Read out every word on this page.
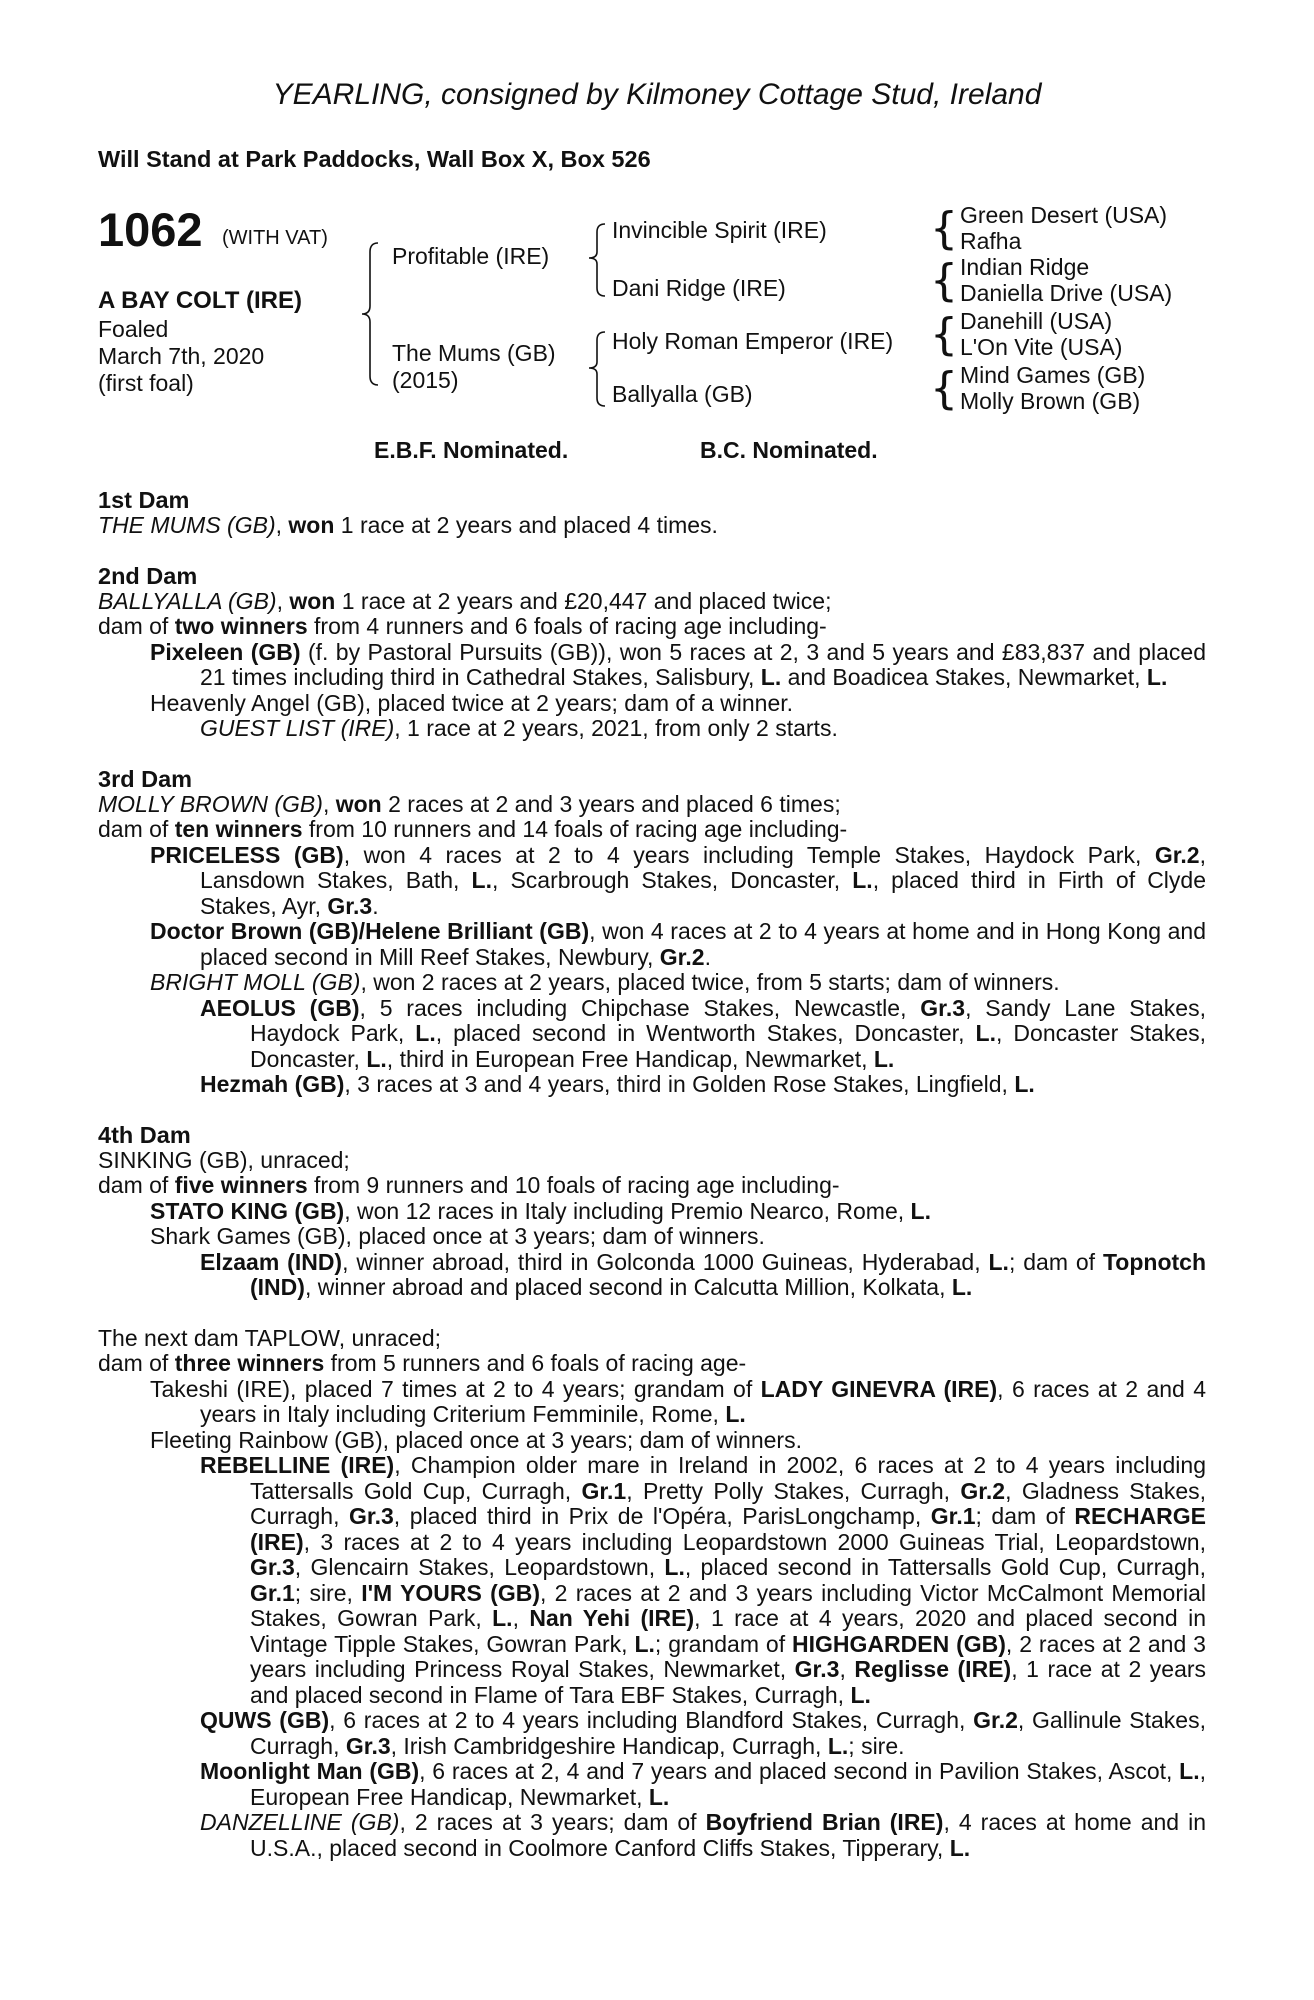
YEARLING, consigned by Kilmoney Cottage Stud, Ireland
Will Stand at Park Paddocks, Wall Box X, Box 526
1062 (WITH VAT)
A BAY COLT (IRE)
Foaled
March 7th, 2020
(first foal)
Profitable (IRE)
The Mums (GB)
(2015)
Invincible Spirit (IRE)
Dani Ridge (IRE)
Holy Roman Emperor (IRE)
Ballyalla (GB)
{ Green Desert (USA)
Rafha
{ Indian Ridge
Daniella Drive (USA)
{ Danehill (USA)
L'On Vite (USA)
{ Mind Games (GB)
Molly Brown (GB)
E.B.F. Nominated.	B.C. Nominated.
1st Dam

THE MUMS (GB), won 1 race at 2 years and placed 4 times.

2nd Dam

BALLYALLA (GB), won 1 race at 2 years and £20,447 and placed twice;

dam of two winners from 4 runners and 6 foals of racing age including-

Pixeleen (GB) (f. by Pastoral Pursuits (GB)), won 5 races at 2, 3 and 5 years and £83,837 and placed 21 times including third in Cathedral Stakes, Salisbury, L. and Boadicea Stakes, Newmarket, L.

Heavenly Angel (GB), placed twice at 2 years; dam of a winner.

GUEST LIST (IRE), 1 race at 2 years, 2021, from only 2 starts.

3rd Dam

MOLLY BROWN (GB), won 2 races at 2 and 3 years and placed 6 times;

dam of ten winners from 10 runners and 14 foals of racing age including-

PRICELESS (GB), won 4 races at 2 to 4 years including Temple Stakes, Haydock Park, Gr.2, Lansdown Stakes, Bath, L., Scarbrough Stakes, Doncaster, L., placed third in Firth of Clyde Stakes, Ayr, Gr.3.

Doctor Brown (GB)/Helene Brilliant (GB), won 4 races at 2 to 4 years at home and in Hong Kong and placed second in Mill Reef Stakes, Newbury, Gr.2.

BRIGHT MOLL (GB), won 2 races at 2 years, placed twice, from 5 starts; dam of winners.

AEOLUS (GB), 5 races including Chipchase Stakes, Newcastle, Gr.3, Sandy Lane Stakes, Haydock Park, L., placed second in Wentworth Stakes, Doncaster, L., Doncaster Stakes, Doncaster, L., third in European Free Handicap, Newmarket, L.

Hezmah (GB), 3 races at 3 and 4 years, third in Golden Rose Stakes, Lingfield, L.

4th Dam

SINKING (GB), unraced;

dam of five winners from 9 runners and 10 foals of racing age including-

STATO KING (GB), won 12 races in Italy including Premio Nearco, Rome, L.

Shark Games (GB), placed once at 3 years; dam of winners.

Elzaam (IND), winner abroad, third in Golconda 1000 Guineas, Hyderabad, L.; dam of Topnotch (IND), winner abroad and placed second in Calcutta Million, Kolkata, L.

The next dam TAPLOW, unraced;

dam of three winners from 5 runners and 6 foals of racing age-

Takeshi (IRE), placed 7 times at 2 to 4 years; grandam of LADY GINEVRA (IRE), 6 races at 2 and 4 years in Italy including Criterium Femminile, Rome, L.

Fleeting Rainbow (GB), placed once at 3 years; dam of winners.

REBELLINE (IRE), Champion older mare in Ireland in 2002, 6 races at 2 to 4 years including Tattersalls Gold Cup, Curragh, Gr.1, Pretty Polly Stakes, Curragh, Gr.2, Gladness Stakes, Curragh, Gr.3, placed third in Prix de l'Opéra, ParisLongchamp, Gr.1; dam of RECHARGE (IRE), 3 races at 2 to 4 years including Leopardstown 2000 Guineas Trial, Leopardstown, Gr.3, Glencairn Stakes, Leopardstown, L., placed second in Tattersalls Gold Cup, Curragh, Gr.1; sire, I'M YOURS (GB), 2 races at 2 and 3 years including Victor McCalmont Memorial Stakes, Gowran Park, L., Nan Yehi (IRE), 1 race at 4 years, 2020 and placed second in Vintage Tipple Stakes, Gowran Park, L.; grandam of HIGHGARDEN (GB), 2 races at 2 and 3 years including Princess Royal Stakes, Newmarket, Gr.3, Reglisse (IRE), 1 race at 2 years and placed second in Flame of Tara EBF Stakes, Curragh, L.

QUWS (GB), 6 races at 2 to 4 years including Blandford Stakes, Curragh, Gr.2, Gallinule Stakes, Curragh, Gr.3, Irish Cambridgeshire Handicap, Curragh, L.; sire.

Moonlight Man (GB), 6 races at 2, 4 and 7 years and placed second in Pavilion Stakes, Ascot, L., European Free Handicap, Newmarket, L.

DANZELLINE (GB), 2 races at 3 years; dam of Boyfriend Brian (IRE), 4 races at home and in U.S.A., placed second in Coolmore Canford Cliffs Stakes, Tipperary, L.
